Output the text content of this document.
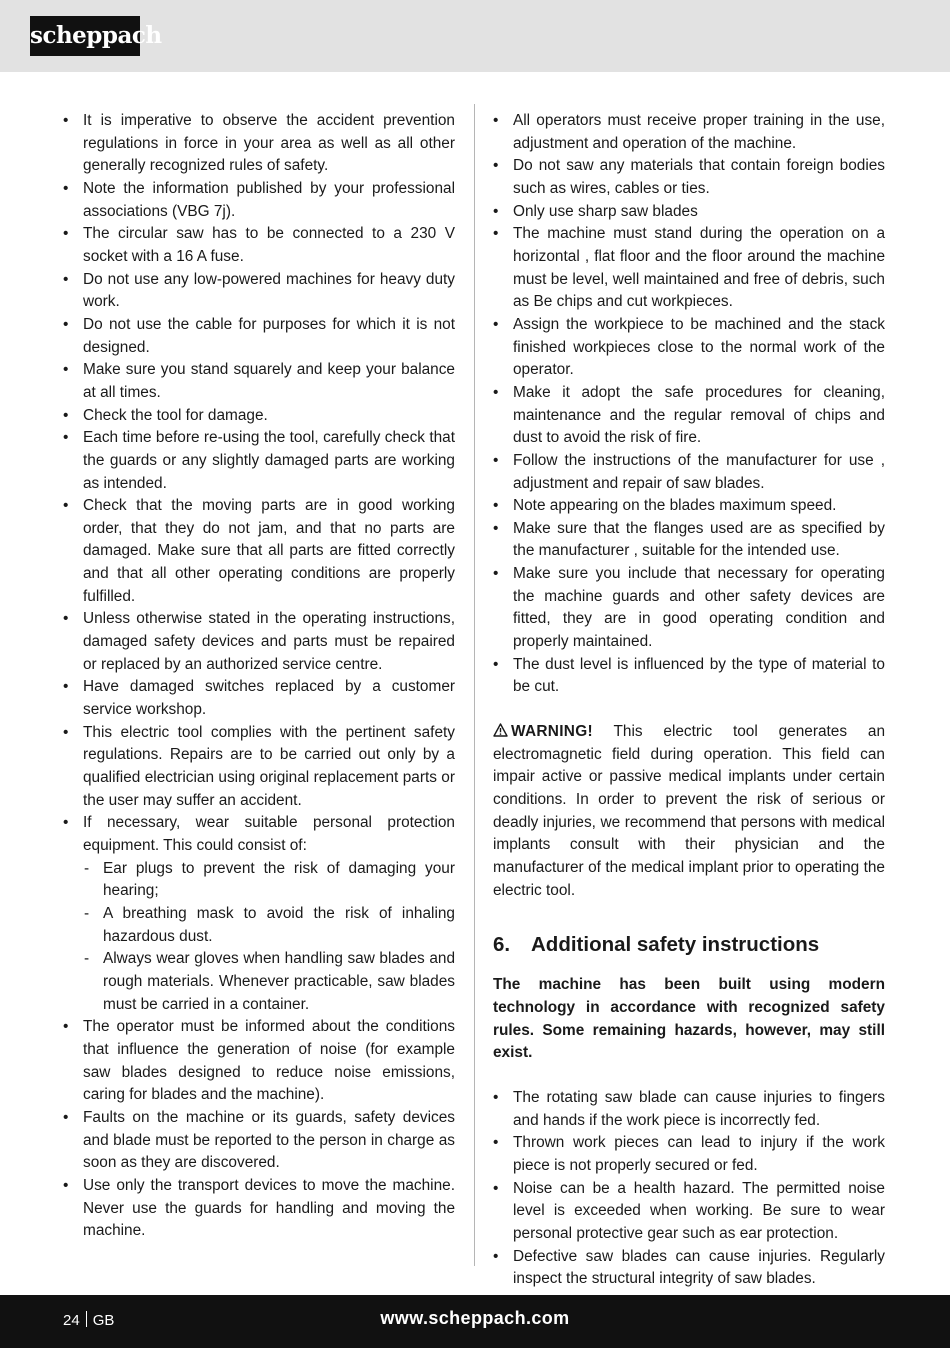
scheppach
• It is imperative to observe the accident prevention regulations in force in your area as well as all other generally recognized rules of safety.
• Note the information published by your professional associations (VBG 7j).
• The circular saw has to be connected to a 230 V socket with a 16 A fuse.
• Do not use any low-powered machines for heavy duty work.
• Do not use the cable for purposes for which it is not designed.
• Make sure you stand squarely and keep your balance at all times.
• Check the tool for damage.
• Each time before re-using the tool, carefully check that the guards or any slightly damaged parts are working as intended.
• Check that the moving parts are in good working order, that they do not jam, and that no parts are damaged. Make sure that all parts are fitted correctly and that all other operating conditions are properly fulfilled.
• Unless otherwise stated in the operating instructions, damaged safety devices and parts must be repaired or replaced by an authorized service centre.
• Have damaged switches replaced by a customer service workshop.
• This electric tool complies with the pertinent safety regulations. Repairs are to be carried out only by a qualified electrician using original replacement parts or the user may suffer an accident.
• If necessary, wear suitable personal protection equipment. This could consist of:
- Ear plugs to prevent the risk of damaging your hearing;
- A breathing mask to avoid the risk of inhaling hazardous dust.
- Always wear gloves when handling saw blades and rough materials. Whenever practicable, saw blades must be carried in a container.
• The operator must be informed about the conditions that influence the generation of noise (for example saw blades designed to reduce noise emissions, caring for blades and the machine).
• Faults on the machine or its guards, safety devices and blade must be reported to the person in charge as soon as they are discovered.
• Use only the transport devices to move the machine. Never use the guards for handling and moving the machine.
• All operators must receive proper training in the use, adjustment and operation of the machine.
• Do not saw any materials that contain foreign bodies such as wires, cables or ties.
• Only use sharp saw blades
• The machine must stand during the operation on a horizontal , flat floor and the floor around the machine must be level, well maintained and free of debris, such as Be chips and cut workpieces.
• Assign the workpiece to be machined and the stack finished workpieces close to the normal work of the operator.
• Make it adopt the safe procedures for cleaning, maintenance and the regular removal of chips and dust to avoid the risk of fire.
• Follow the instructions of the manufacturer for use , adjustment and repair of saw blades.
• Note appearing on the blades maximum speed.
• Make sure that the flanges used are as specified by the manufacturer , suitable for the intended use.
• Make sure you include that necessary for operating the machine guards and other safety devices are fitted, they are in good operating condition and properly maintained.
• The dust level is influenced by the type of material to be cut.

WARNING! This electric tool generates an electromagnetic field during operation. This field can impair active or passive medical implants under certain conditions. In order to prevent the risk of serious or deadly injuries, we recommend that persons with medical implants consult with their physician and the manufacturer of the medical implant prior to operating the electric tool.

6. Additional safety instructions

The machine has been built using modern technology in accordance with recognized safety rules. Some remaining hazards, however, may still exist.

• The rotating saw blade can cause injuries to fingers and hands if the work piece is incorrectly fed.
• Thrown work pieces can lead to injury if the work piece is not properly secured or fed.
• Noise can be a health hazard. The permitted noise level is exceeded when working. Be sure to wear personal protective gear such as ear protection.
• Defective saw blades can cause injuries. Regularly inspect the structural integrity of saw blades.
24 GB	www.scheppach.com
